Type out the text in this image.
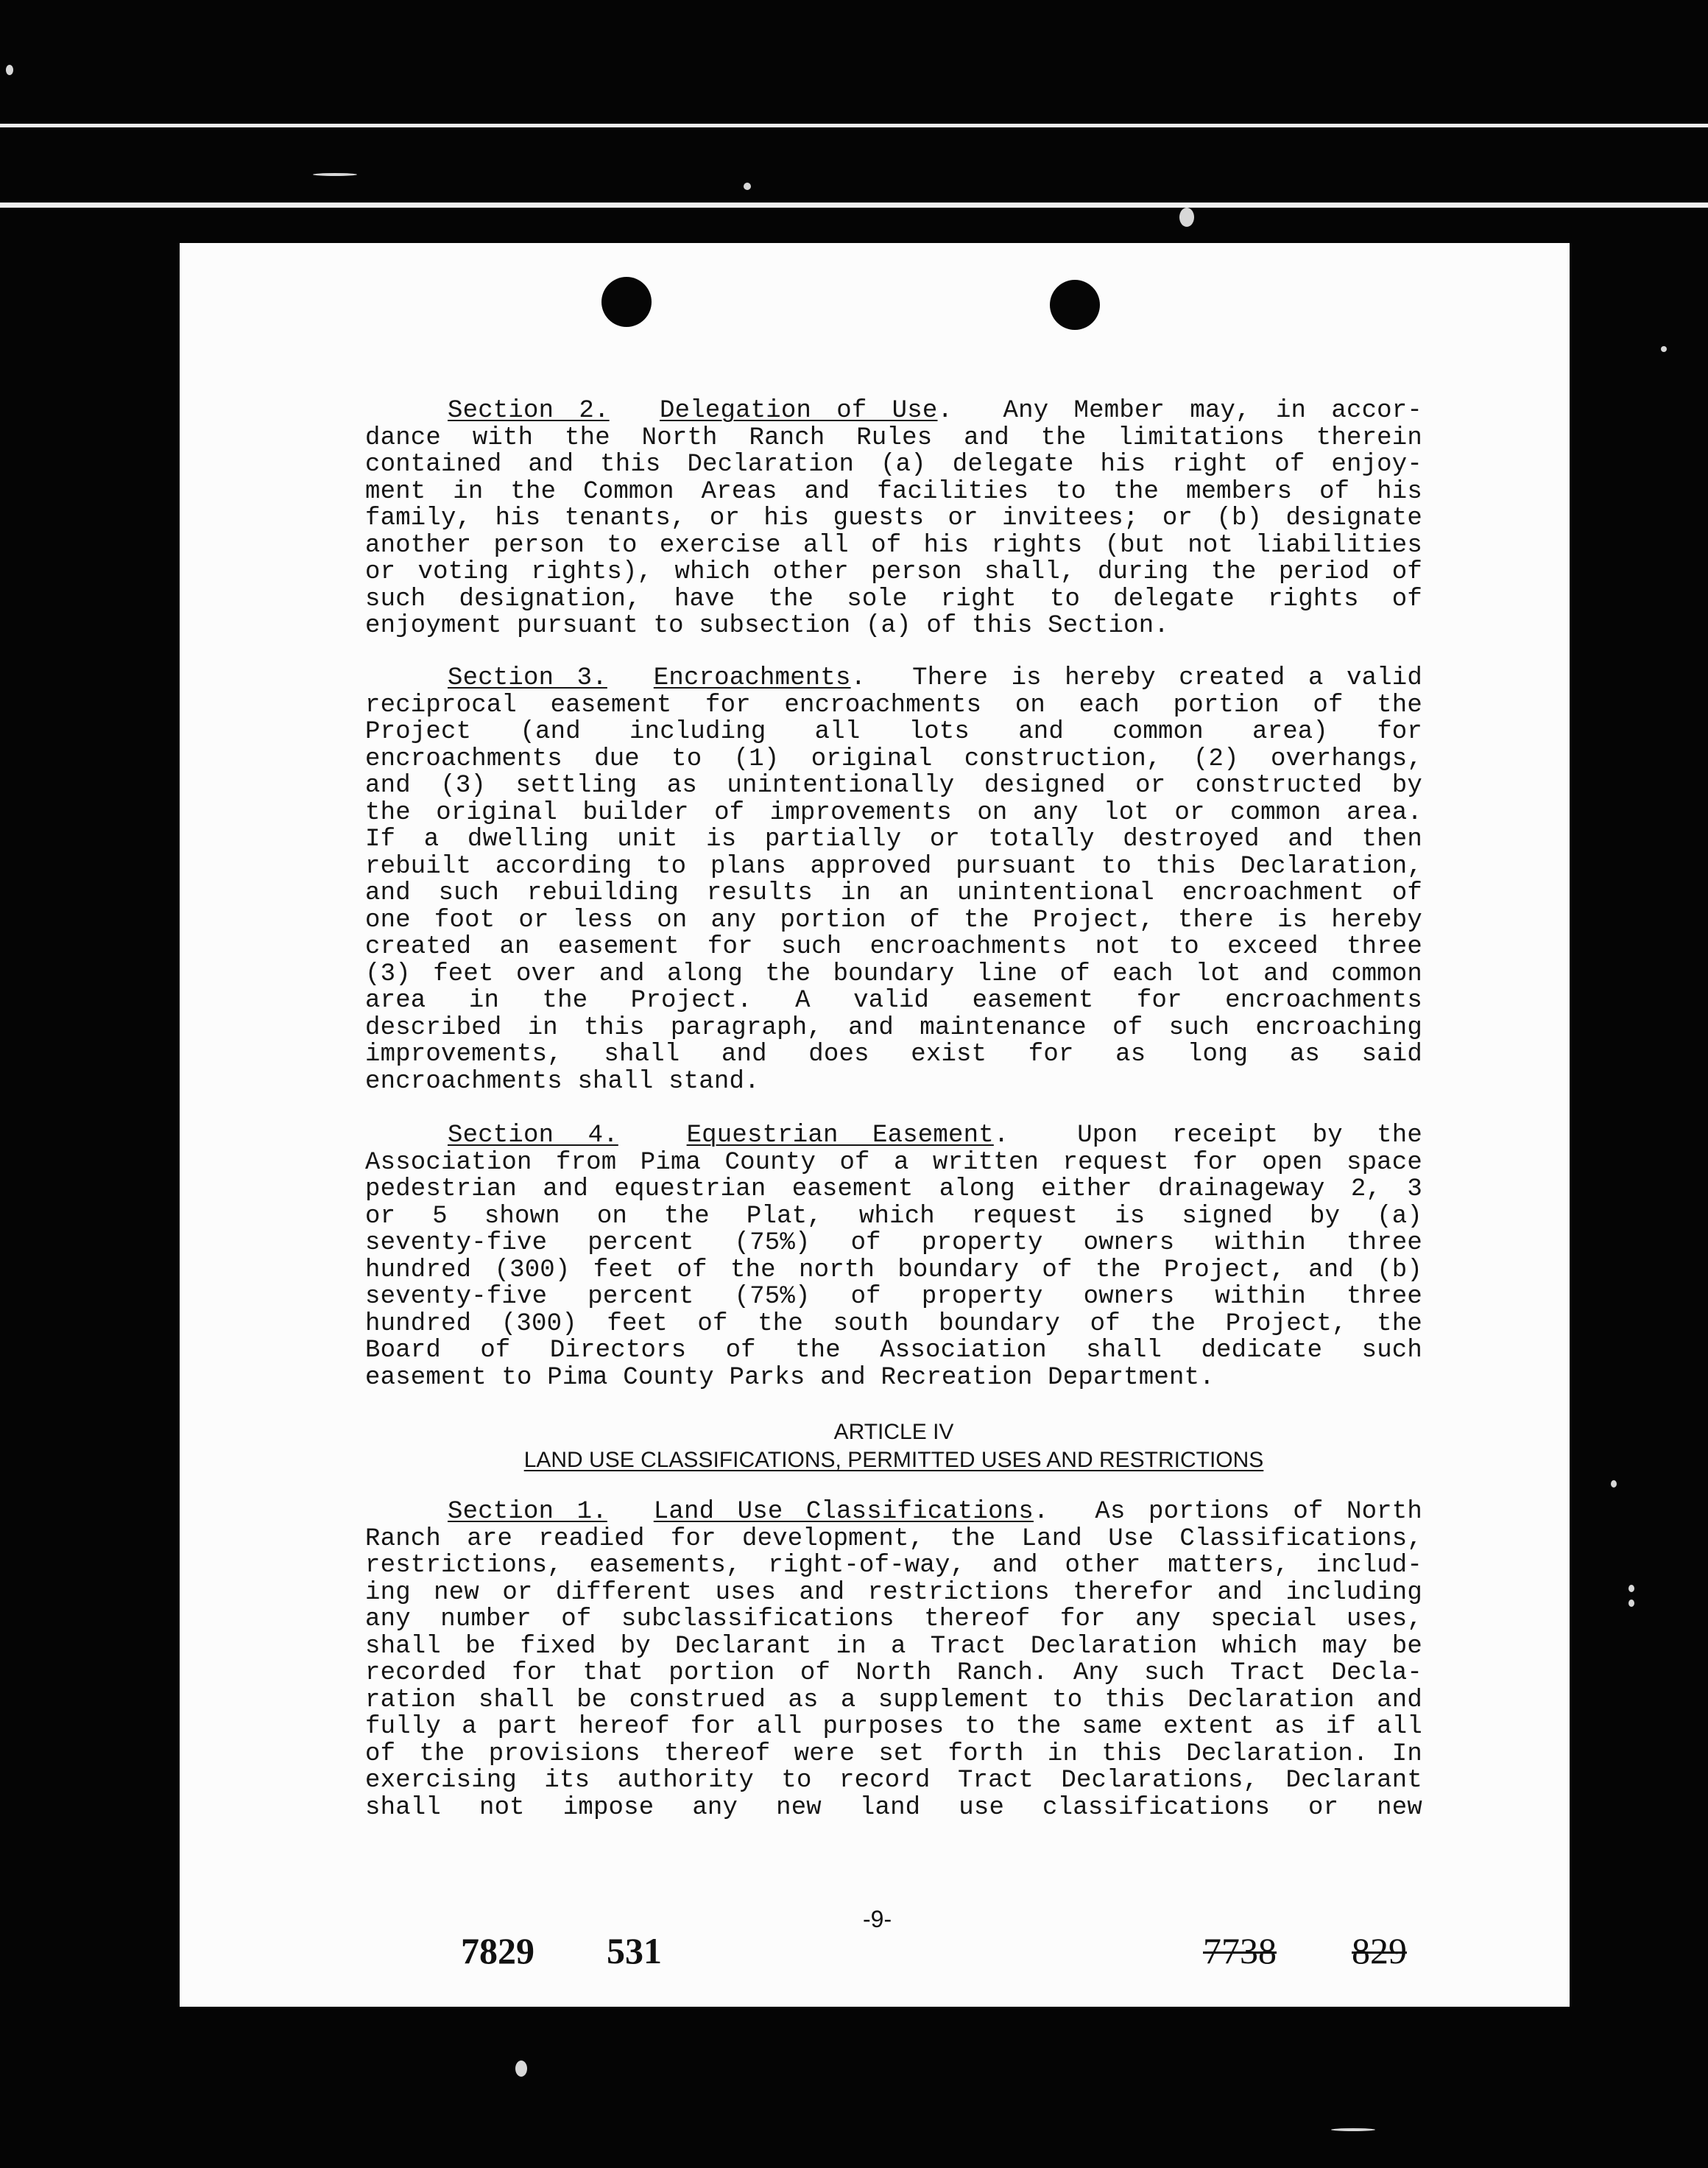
Section 2. Delegation of Use.  Any Member may, in accor-
dance with the North Ranch Rules and the limitations therein
contained and this Declaration (a) delegate his right of enjoy-
ment in the Common Areas and facilities to the members of his
family, his tenants, or his guests or invitees; or (b) designate
another person to exercise all of his rights (but not liabilities
or voting rights), which other person shall, during the period of
such designation, have the sole right to delegate rights of
enjoyment pursuant to subsection (a) of this Section.
Section 3. Encroachments.  There is hereby created a valid
reciprocal easement for encroachments on each portion of the
Project (and including all lots and common area) for
encroachments due to (1) original construction, (2) overhangs,
and (3) settling as unintentionally designed or constructed by
the original builder of improvements on any lot or common area.
If a dwelling unit is partially or totally destroyed and then
rebuilt according to plans approved pursuant to this Declaration,
and such rebuilding results in an unintentional encroachment of
one foot or less on any portion of the Project, there is hereby
created an easement for such encroachments not to exceed three
(3) feet over and along the boundary line of each lot and common
area in the Project. A valid easement for encroachments
described in this paragraph, and maintenance of such encroaching
improvements, shall and does exist for as long as said
encroachments shall stand.
Section 4.	Equestrian Easement.  Upon receipt by the
Association from Pima County of a written request for open space
pedestrian and equestrian easement along either drainageway 2, 3
or 5 shown on the Plat, which request is signed by (a)
seventy-five percent (75%) of property owners within three
hundred (300) feet of the north boundary of the Project, and (b)
seventy-five percent (75%) of property owners within three
hundred (300) feet of the south boundary of the Project, the
Board of Directors of the Association shall dedicate such
easement to Pima County Parks and Recreation Department.
ARTICLE IV
LAND USE CLASSIFICATIONS, PERMITTED USES AND RESTRICTIONS
Section 1. Land Use Classifications.  As portions of North
Ranch are readied for development, the Land Use Classifications,
restrictions, easements, right-of-way, and other matters, includ-
ing new or different uses and restrictions therefor and including
any number of subclassifications thereof for any special uses,
shall be fixed by Declarant in a Tract Declaration which may be
recorded for that portion of North Ranch. Any such Tract Decla-
ration shall be construed as a supplement to this Declaration and
fully a part hereof for all purposes to the same extent as if all
of the provisions thereof were set forth in this Declaration. In
exercising its authority to record Tract Declarations, Declarant
shall not impose any new land use classifications or new
7829 531
-9-
7738 829
